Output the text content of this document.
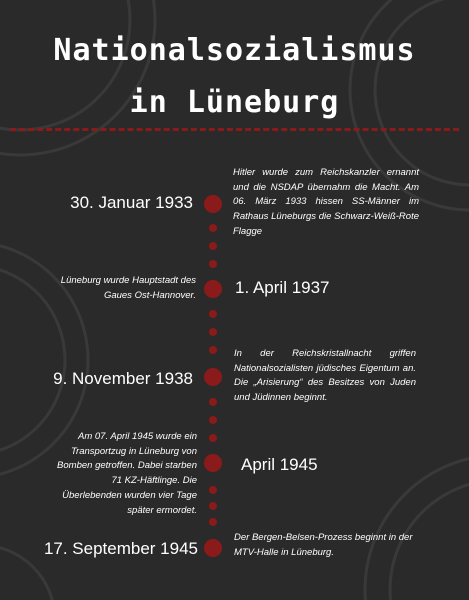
Nationalsozialismus
in Lüneburg
30. Januar 1933
Hitler wurde zum Reichskanzler ernannt und die NSDAP übernahm die Macht. Am 06. März 1933 hissen SS-Männer im Rathaus Lüneburgs die Schwarz-Weiß-Rote Flagge
Lüneburg wurde Hauptstadt des Gaues Ost-Hannover. 1. April 1937
9. November 1938
In der Reichskristallnacht griffen Nationalsozialisten jüdisches Eigentum an. Die „Arisierung“ des Besitzes von Juden und Jüdinnen beginnt.
Am 07. April 1945 wurde ein Transportzug in Lüneburg von Bomben getroffen. Dabei starben 71 KZ-Häftlinge. Die Überlebenden wurden vier Tage später ermordet.
April 1945
17. September 1945
Der Bergen-Belsen-Prozess beginnt in der MTV-Halle in Lüneburg.
